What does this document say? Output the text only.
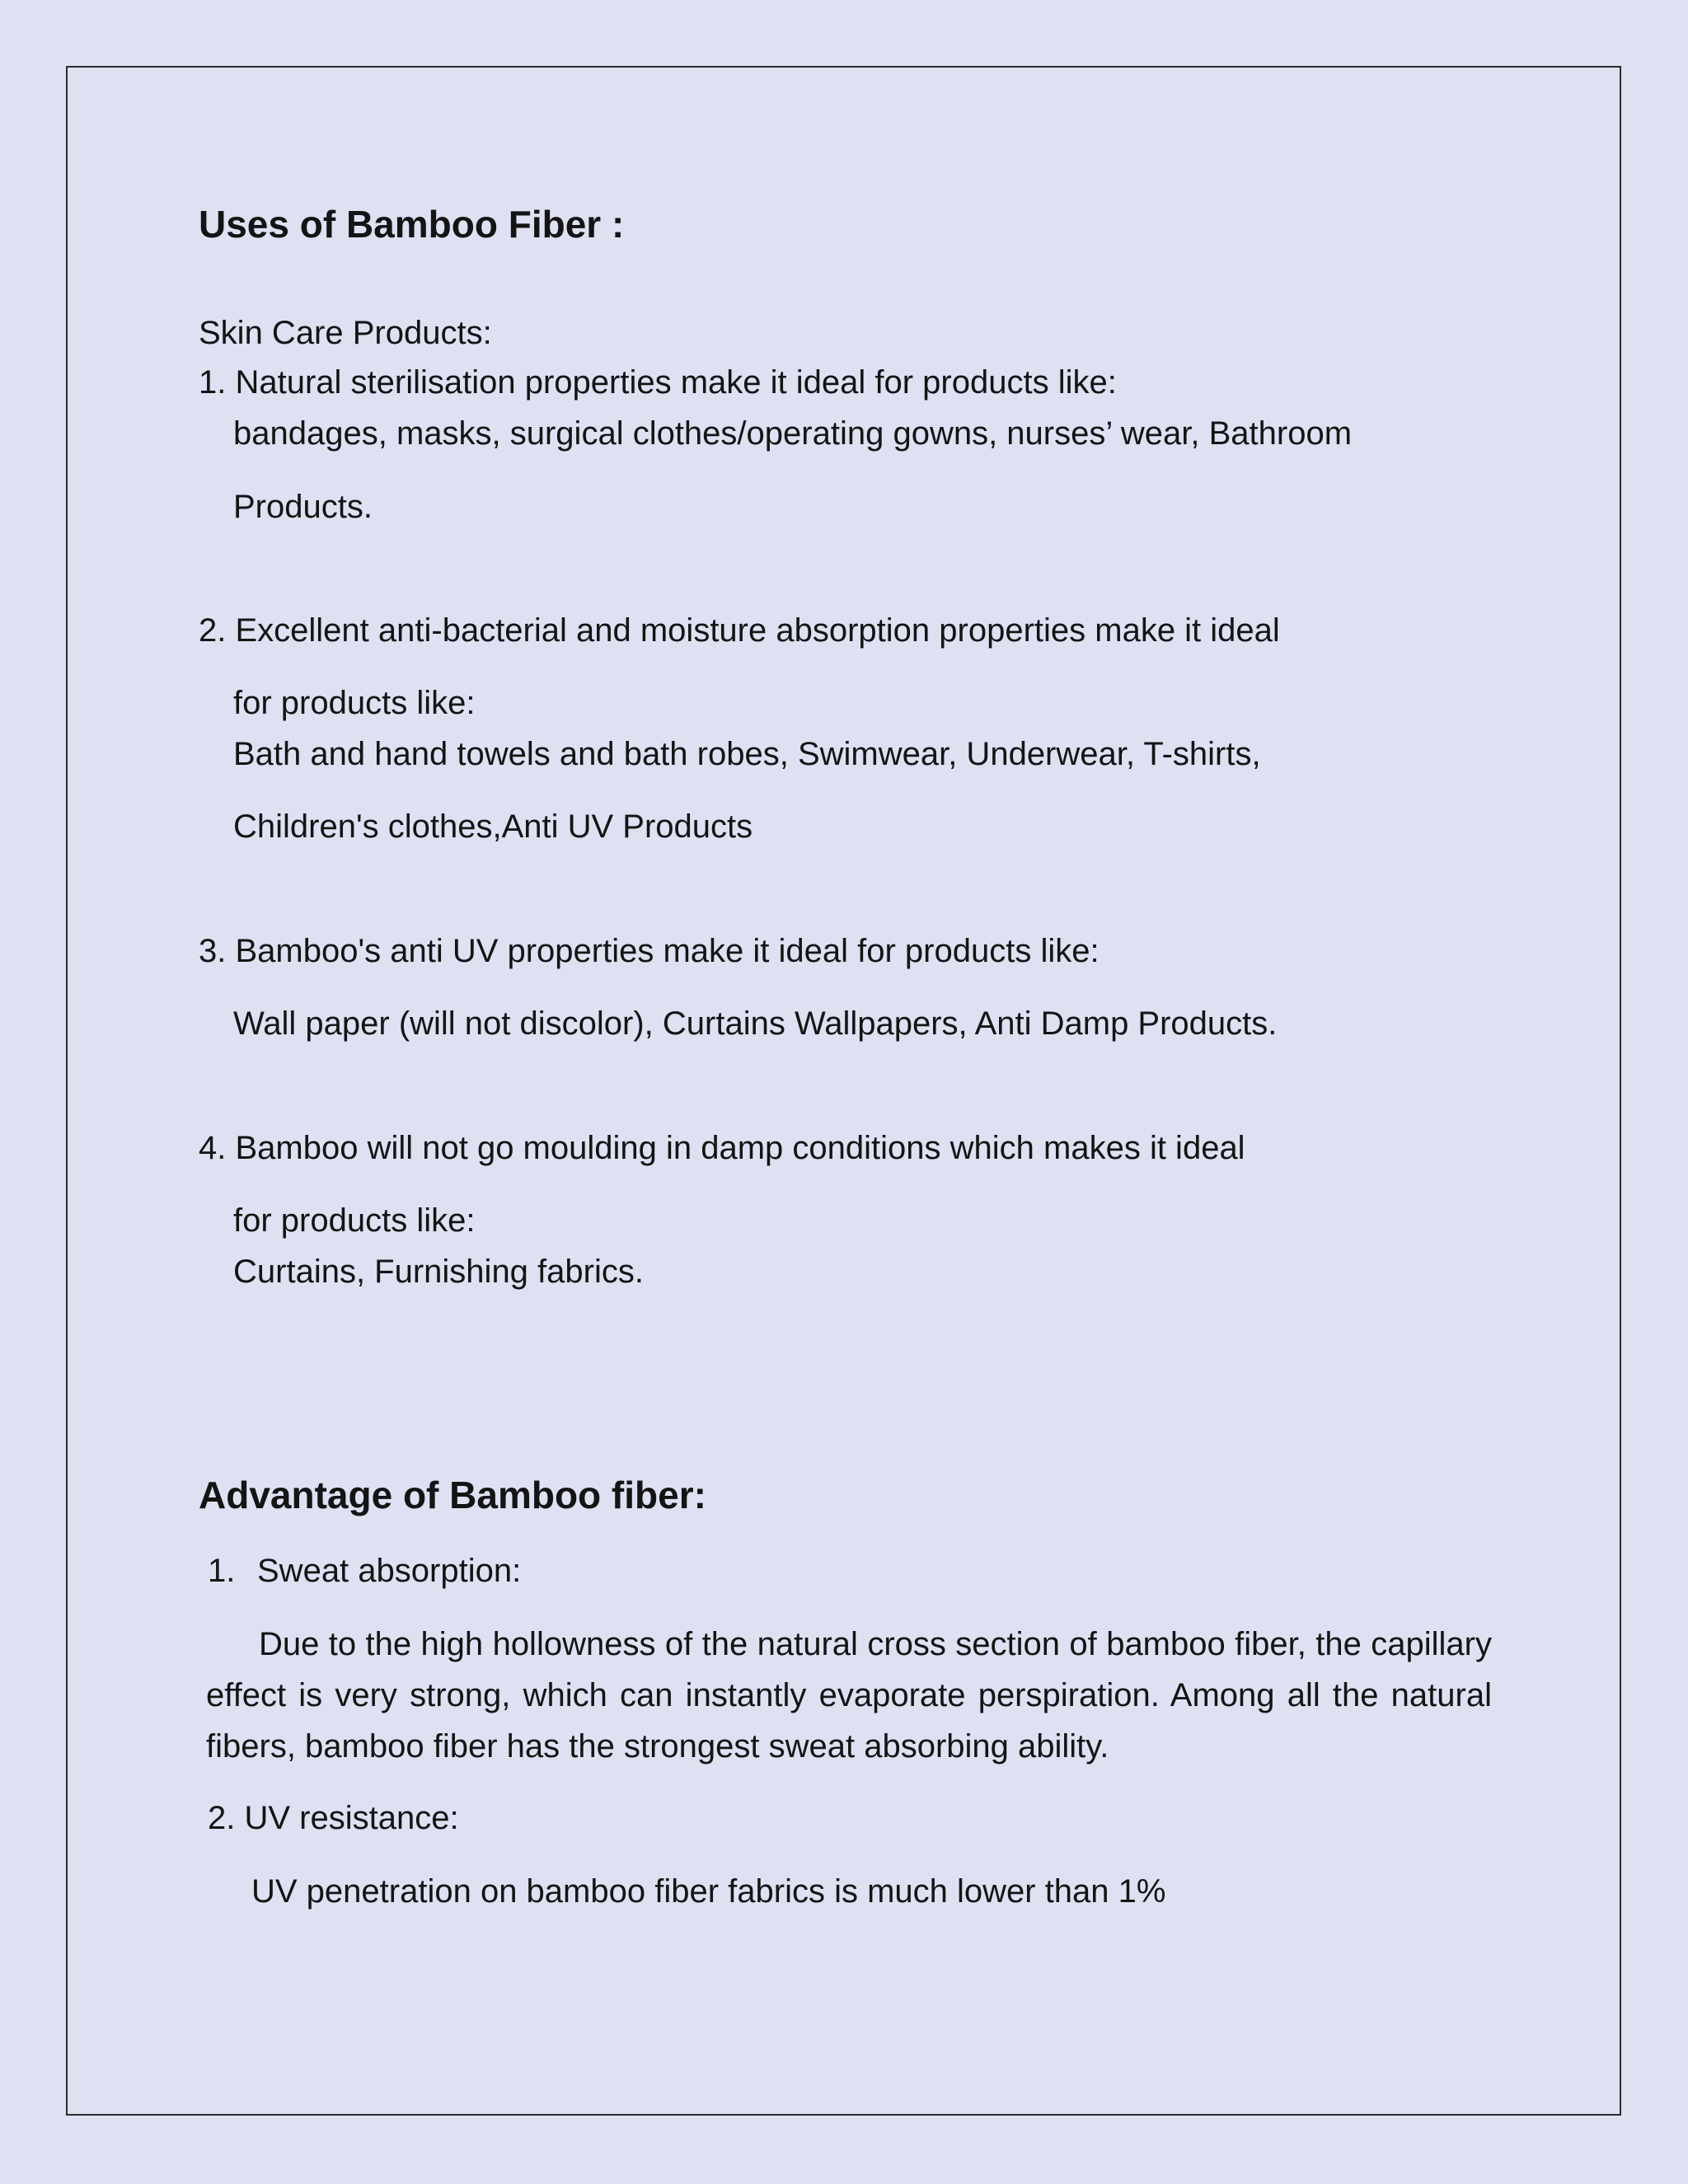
Uses of Bamboo Fiber :
Skin Care Products:
1. Natural sterilisation properties make it ideal for products like:
bandages, masks, surgical clothes/operating gowns, nurses’ wear, Bathroom
Products.
2. Excellent anti-bacterial and moisture absorption properties make it ideal
for products like:
Bath and hand towels and bath robes, Swimwear, Underwear, T-shirts,
Children's clothes,Anti UV Products
3. Bamboo's anti UV properties make it ideal for products like:
Wall paper (will not discolor), Curtains Wallpapers, Anti Damp Products.
4. Bamboo will not go moulding in damp conditions which makes it ideal
for products like:
Curtains, Furnishing fabrics.
Advantage of Bamboo fiber:
1. Sweat absorption:
Due to the high hollowness of the natural cross section of bamboo fiber, the capillary effect is very strong, which can instantly evaporate perspiration. Among all the natural fibers, bamboo fiber has the strongest sweat absorbing ability.
2. UV resistance:
UV penetration on bamboo fiber fabrics is much lower than 1%
